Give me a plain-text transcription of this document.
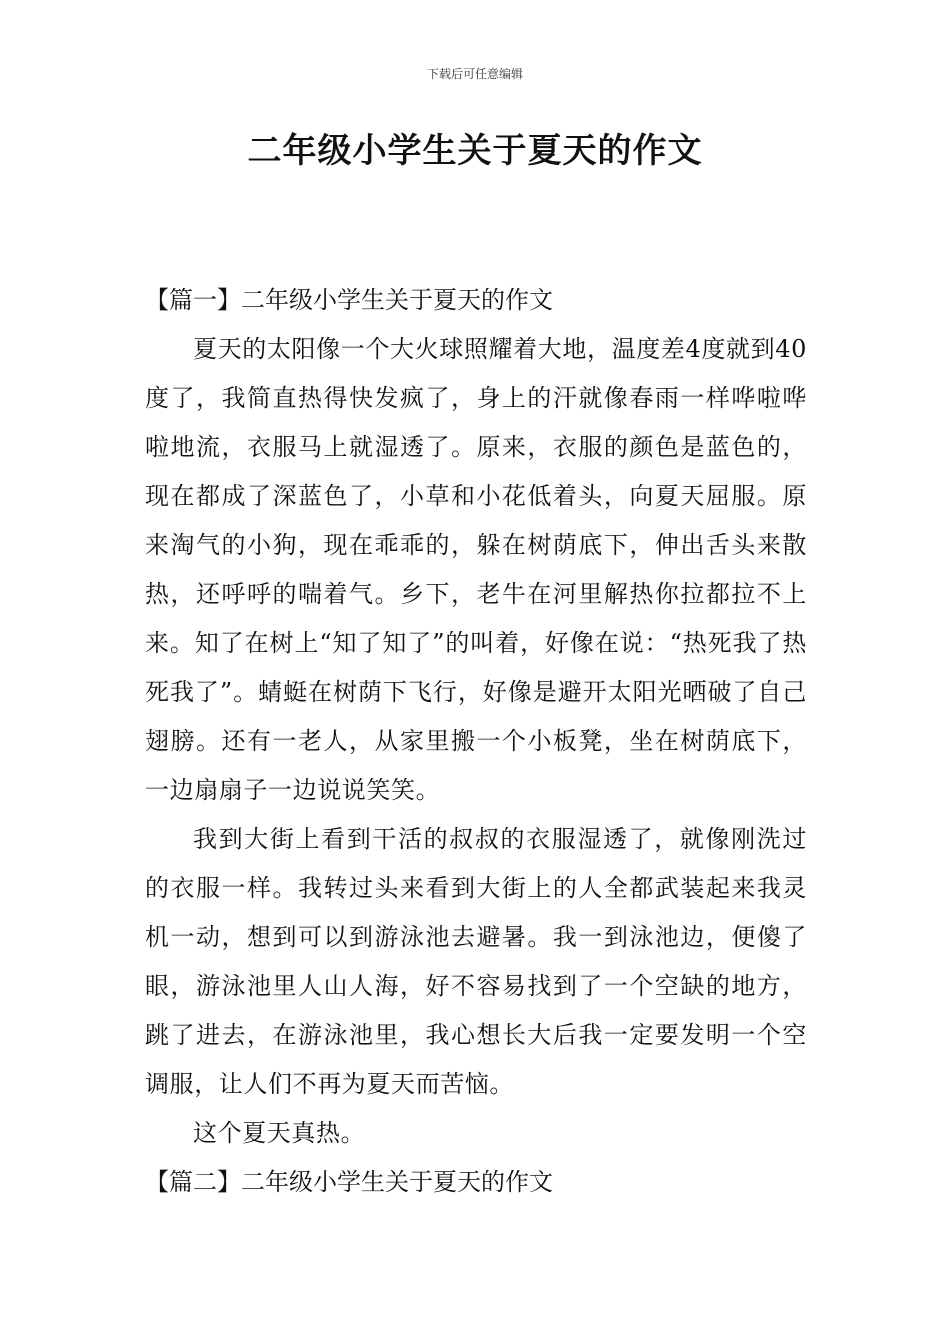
下载后可任意编辑
二年级小学生关于夏天的作文
【篇一】二年级小学生关于夏天的作文

夏天的太阳像一个大火球照耀着大地，温度差4度就到40度了，我简直热得快发疯了，身上的汗就像春雨一样哗啦哗啦地流，衣服马上就湿透了。原来，衣服的颜色是蓝色的，现在都成了深蓝色了，小草和小花低着头，向夏天屈服。原来淘气的小狗，现在乖乖的，躲在树荫底下，伸出舌头来散热，还呼呼的喘着气。乡下，老牛在河里解热你拉都拉不上来。知了在树上“知了知了”的叫着，好像在说：“热死我了热死我了”。蜻蜓在树荫下飞行，好像是避开太阳光晒破了自己翅膀。还有一老人，从家里搬一个小板凳，坐在树荫底下，一边扇扇子一边说说笑笑。

我到大街上看到干活的叔叔的衣服湿透了，就像刚洗过的衣服一样。我转过头来看到大街上的人全都武装起来我灵机一动，想到可以到游泳池去避暑。我一到泳池边，便傻了眼，游泳池里人山人海，好不容易找到了一个空缺的地方，跳了进去，在游泳池里，我心想长大后我一定要发明一个空调服，让人们不再为夏天而苦恼。

这个夏天真热。

【篇二】二年级小学生关于夏天的作文
